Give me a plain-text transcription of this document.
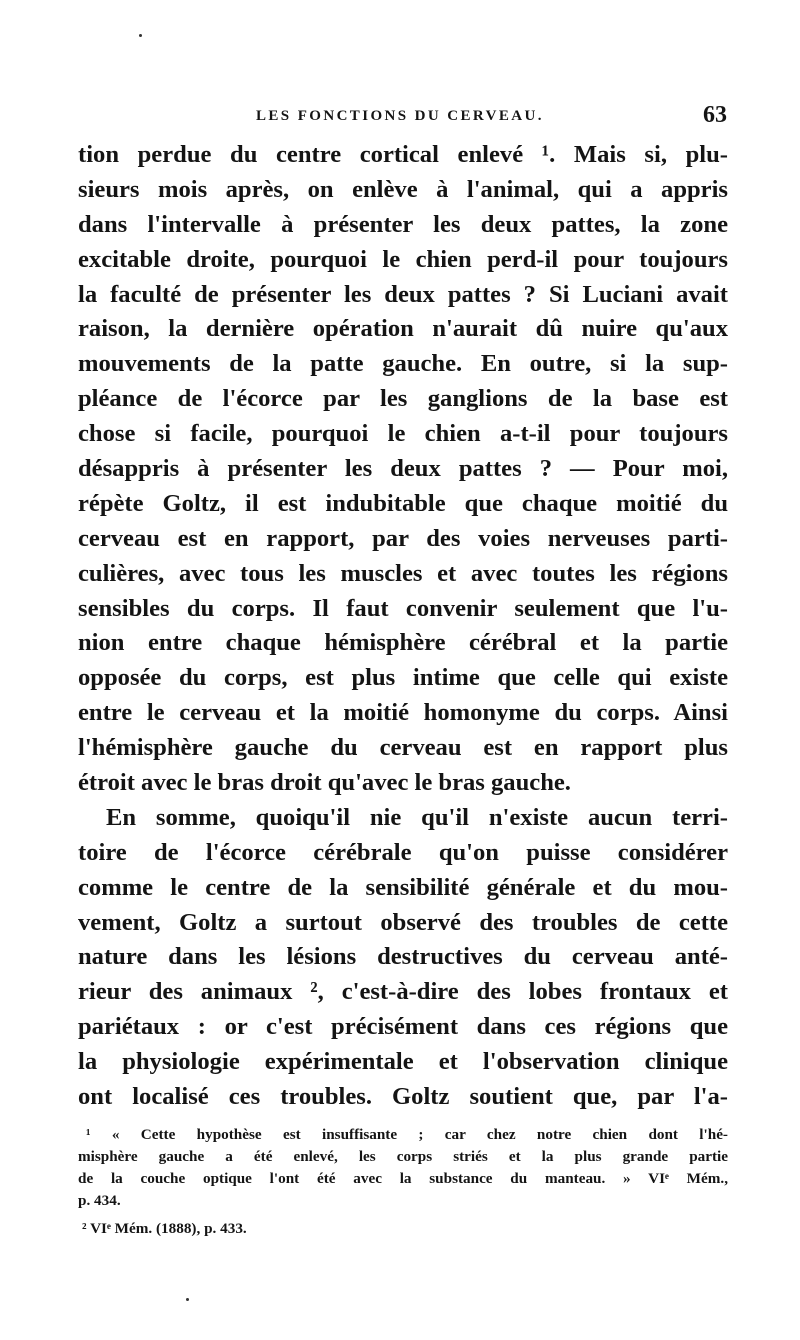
LES FONCTIONS DU CERVEAU.	63
tion perdue du centre cortical enlevé ¹. Mais si, plu-
sieurs mois après, on enlève à l'animal, qui a appris
dans l'intervalle à présenter les deux pattes, la zone
excitable droite, pourquoi le chien perd-il pour toujours
la faculté de présenter les deux pattes ? Si Luciani avait
raison, la dernière opération n'aurait dû nuire qu'aux
mouvements de la patte gauche. En outre, si la sup-
pléance de l'écorce par les ganglions de la base est
chose si facile, pourquoi le chien a-t-il pour toujours
désappris à présenter les deux pattes ? — Pour moi,
répète Goltz, il est indubitable que chaque moitié du
cerveau est en rapport, par des voies nerveuses parti-
culières, avec tous les muscles et avec toutes les régions
sensibles du corps. Il faut convenir seulement que l'u-
nion entre chaque hémisphère cérébral et la partie
opposée du corps, est plus intime que celle qui existe
entre le cerveau et la moitié homonyme du corps. Ainsi
l'hémisphère gauche du cerveau est en rapport plus
étroit avec le bras droit qu'avec le bras gauche.
En somme, quoiqu'il nie qu'il n'existe aucun terri-
toire de l'écorce cérébrale qu'on puisse considérer
comme le centre de la sensibilité générale et du mou-
vement, Goltz a surtout observé des troubles de cette
nature dans les lésions destructives du cerveau anté-
rieur des animaux ², c'est-à-dire des lobes frontaux et
pariétaux : or c'est précisément dans ces régions que
la physiologie expérimentale et l'observation clinique
ont localisé ces troubles. Goltz soutient que, par l'a-
¹ « Cette hypothèse est insuffisante ; car chez notre chien dont l'hé-
misphère gauche a été enlevé, les corps striés et la plus grande partie
de la couche optique l'ont été avec la substance du manteau. » VIᵉ Mém.,
p. 434.
² VIᵉ Mém. (1888), p. 433.
